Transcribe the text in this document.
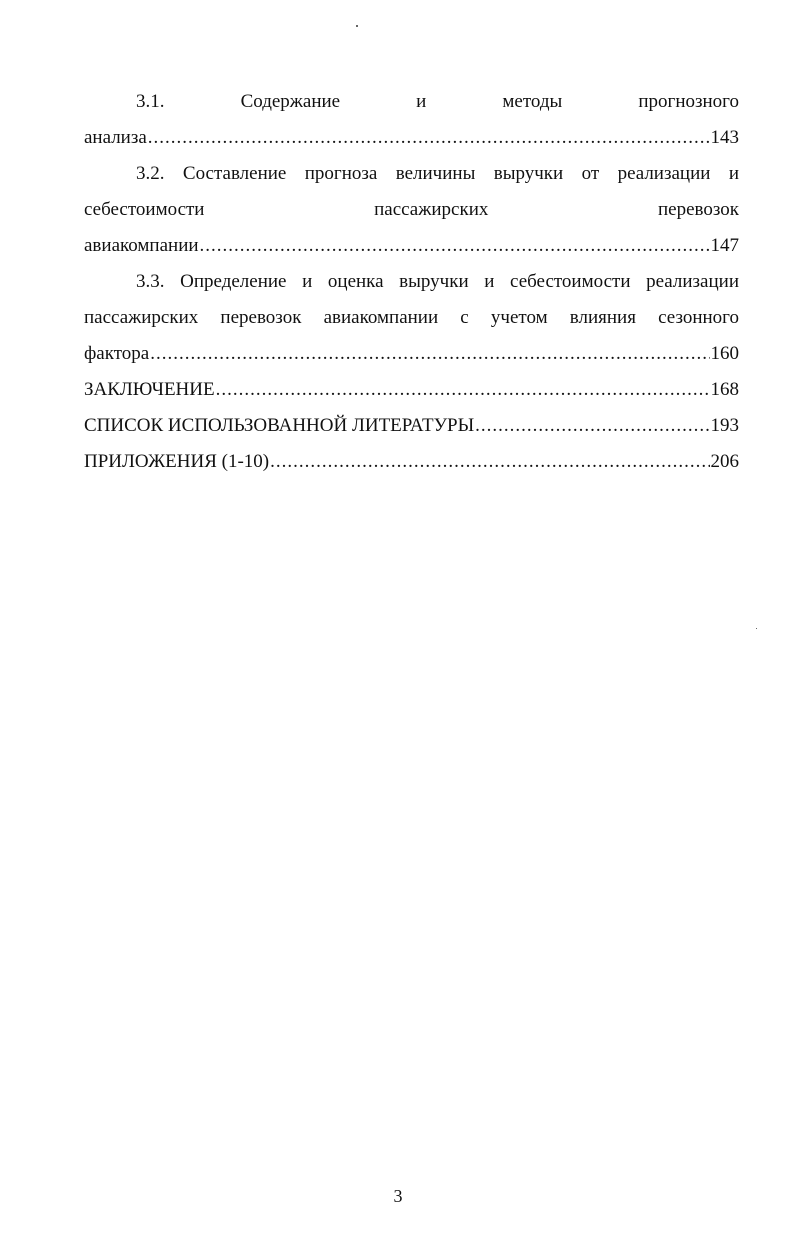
3.1. Содержание и методы прогнозного
анализа .....	143
3.2. Составление прогноза величины выручки от реализации и
себестоимости пассажирских перевозок
авиакомпании .....	147
3.3. Определение и оценка выручки и себестоимости реализации
пассажирских перевозок авиакомпании с учетом влияния сезонного
фактора .....	160
ЗАКЛЮЧЕНИЕ .....	168
СПИСОК ИСПОЛЬЗОВАННОЙ ЛИТЕРАТУРЫ .....	193
ПРИЛОЖЕНИЯ (1-10) .....	206
3
